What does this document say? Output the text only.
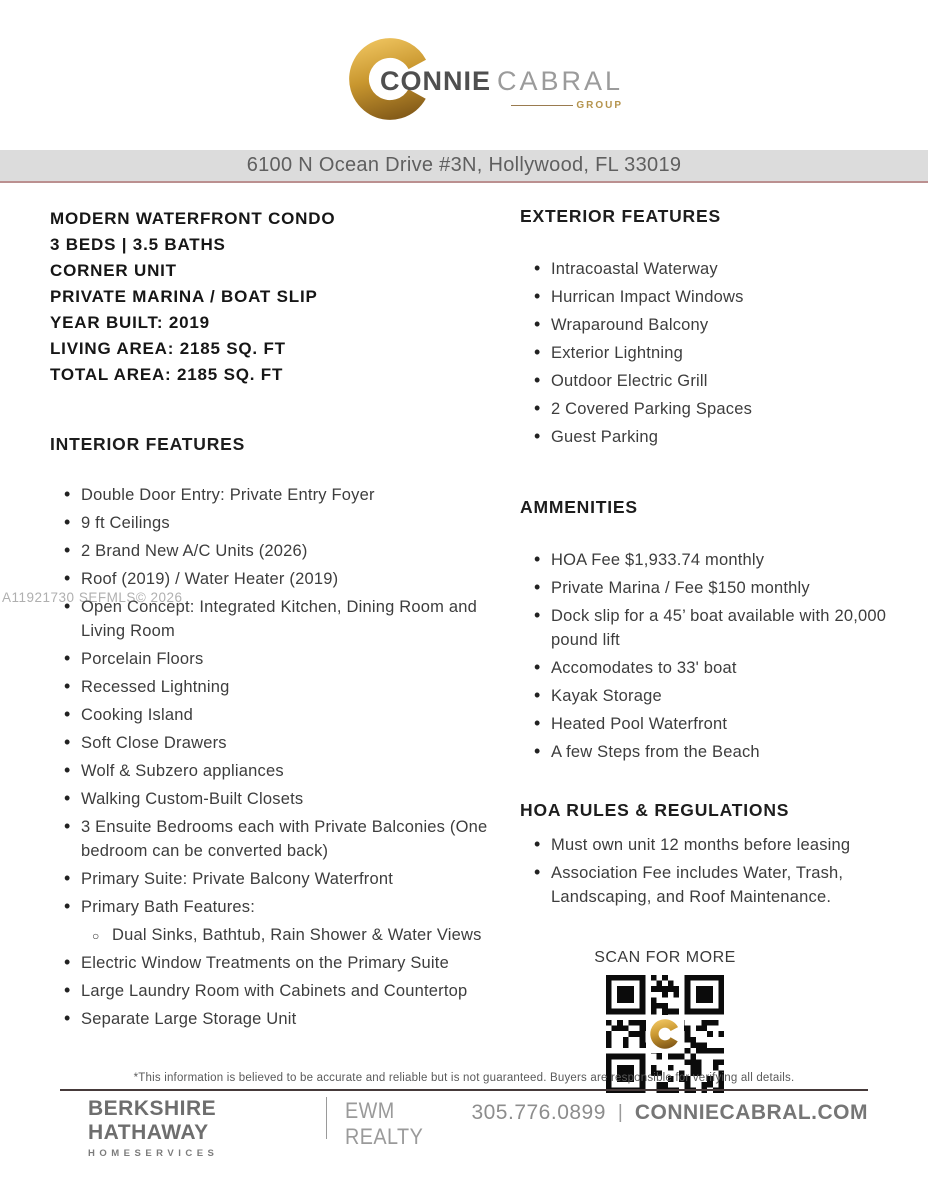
CONNIE CABRAL
GROUP
6100 N Ocean Drive #3N, Hollywood, FL 33019
A11921730 SEFMLS© 2026
MODERN WATERFRONT CONDO
3 BEDS | 3.5 BATHS
CORNER UNIT
PRIVATE MARINA / BOAT SLIP
YEAR BUILT: 2019
LIVING AREA: 2185 SQ. FT
TOTAL AREA: 2185 SQ. FT
INTERIOR FEATURES
• Double Door Entry: Private Entry Foyer
• 9 ft Ceilings
• 2 Brand New A/C Units (2026)
• Roof (2019) / Water Heater (2019)
• Open Concept: Integrated Kitchen, Dining Room and Living Room
• Porcelain Floors
• Recessed Lightning
• Cooking Island
• Soft Close Drawers
• Wolf & Subzero appliances
• Walking Custom-Built Closets
• 3 Ensuite Bedrooms each with Private Balconies (One bedroom can be converted back)
• Primary Suite: Private Balcony Waterfront
• Primary Bath Features:
○ Dual Sinks, Bathtub, Rain Shower & Water Views
• Electric Window Treatments on the Primary Suite
• Large Laundry Room with Cabinets and Countertop
• Separate Large Storage Unit
EXTERIOR FEATURES
• Intracoastal Waterway
• Hurrican Impact Windows
• Wraparound Balcony
• Exterior Lightning
• Outdoor Electric Grill
• 2 Covered Parking Spaces
• Guest Parking
AMMENITIES
• HOA Fee $1,933.74 monthly
• Private Marina / Fee $150 monthly
• Dock slip for a 45’ boat available with 20,000 pound lift
• Accomodates to 33' boat
• Kayak Storage
• Heated Pool Waterfront
• A few Steps from the Beach
HOA RULES & REGULATIONS
• Must own unit 12 months before leasing
• Association Fee includes Water, Trash, Landscaping, and Roof Maintenance.
SCAN FOR MORE
*This information is believed to be accurate and reliable but is not guaranteed. Buyers are responsible for verifying all details.
BERKSHIRE HATHAWAY
HOMESERVICES
EWM REALTY
305.776.0899 | CONNIECABRAL.COM
